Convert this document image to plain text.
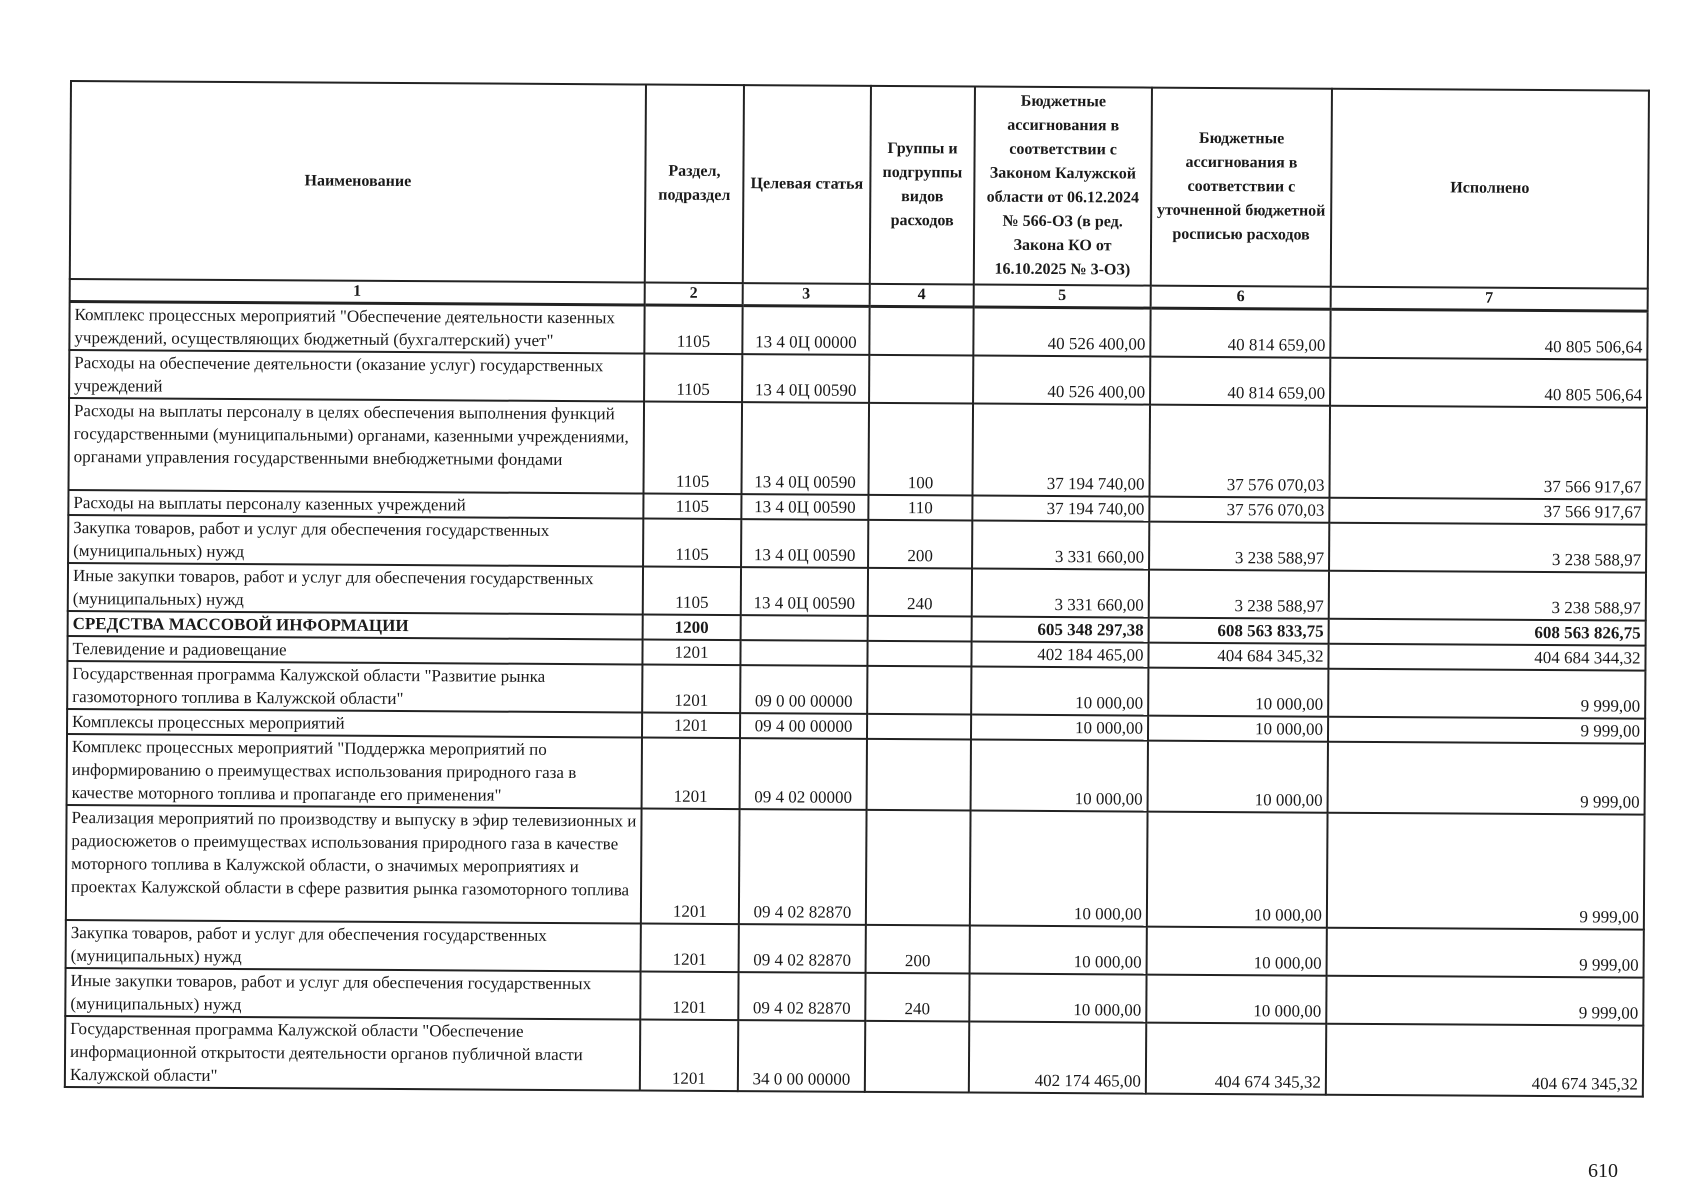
Наименование	Раздел, подраздел	Целевая статья	Группы и подгруппы видов расходов	Бюджетные ассигнования в соответствии с Законом Калужской области от 06.12.2024 № 566-ОЗ (в ред. Закона КО от 16.10.2025 № 3-ОЗ)	Бюджетные ассигнования в соответствии с уточненной бюджетной росписью расходов	Исполнено
1	2	3	4	5	6	7
Комплекс процессных мероприятий "Обеспечение деятельности казенных учреждений, осуществляющих бюджетный (бухгалтерский) учет"	1105	13 4 0Ц 00000		40 526 400,00	40 814 659,00	40 805 506,64
Расходы на обеспечение деятельности (оказание услуг) государственных учреждений	1105	13 4 0Ц 00590		40 526 400,00	40 814 659,00	40 805 506,64
Расходы на выплаты персоналу в целях обеспечения выполнения функций государственными (муниципальными) органами, казенными учреждениями, органами управления государственными внебюджетными фондами	1105	13 4 0Ц 00590	100	37 194 740,00	37 576 070,03	37 566 917,67
Расходы на выплаты персоналу казенных учреждений	1105	13 4 0Ц 00590	110	37 194 740,00	37 576 070,03	37 566 917,67
Закупка товаров, работ и услуг для обеспечения государственных (муниципальных) нужд	1105	13 4 0Ц 00590	200	3 331 660,00	3 238 588,97	3 238 588,97
Иные закупки товаров, работ и услуг для обеспечения государственных (муниципальных) нужд	1105	13 4 0Ц 00590	240	3 331 660,00	3 238 588,97	3 238 588,97
СРЕДСТВА МАССОВОЙ ИНФОРМАЦИИ	1200			605 348 297,38	608 563 833,75	608 563 826,75
Телевидение и радиовещание	1201			402 184 465,00	404 684 345,32	404 684 344,32
Государственная программа Калужской области "Развитие рынка газомоторного топлива в Калужской области"	1201	09 0 00 00000		10 000,00	10 000,00	9 999,00
Комплексы процессных мероприятий	1201	09 4 00 00000		10 000,00	10 000,00	9 999,00
Комплекс процессных мероприятий "Поддержка мероприятий по информированию о преимуществах использования природного газа в качестве моторного топлива и пропаганде его применения"	1201	09 4 02 00000		10 000,00	10 000,00	9 999,00
Реализация мероприятий по производству и выпуску в эфир телевизионных и радиосюжетов о преимуществах использования природного газа в качестве моторного топлива в Калужской области, о значимых мероприятиях и проектах Калужской области в сфере развития рынка газомоторного топлива	1201	09 4 02 82870		10 000,00	10 000,00	9 999,00
Закупка товаров, работ и услуг для обеспечения государственных (муниципальных) нужд	1201	09 4 02 82870	200	10 000,00	10 000,00	9 999,00
Иные закупки товаров, работ и услуг для обеспечения государственных (муниципальных) нужд	1201	09 4 02 82870	240	10 000,00	10 000,00	9 999,00
Государственная программа Калужской области "Обеспечение информационной открытости деятельности органов публичной власти Калужской области"	1201	34 0 00 00000		402 174 465,00	404 674 345,32	404 674 345,32
610
